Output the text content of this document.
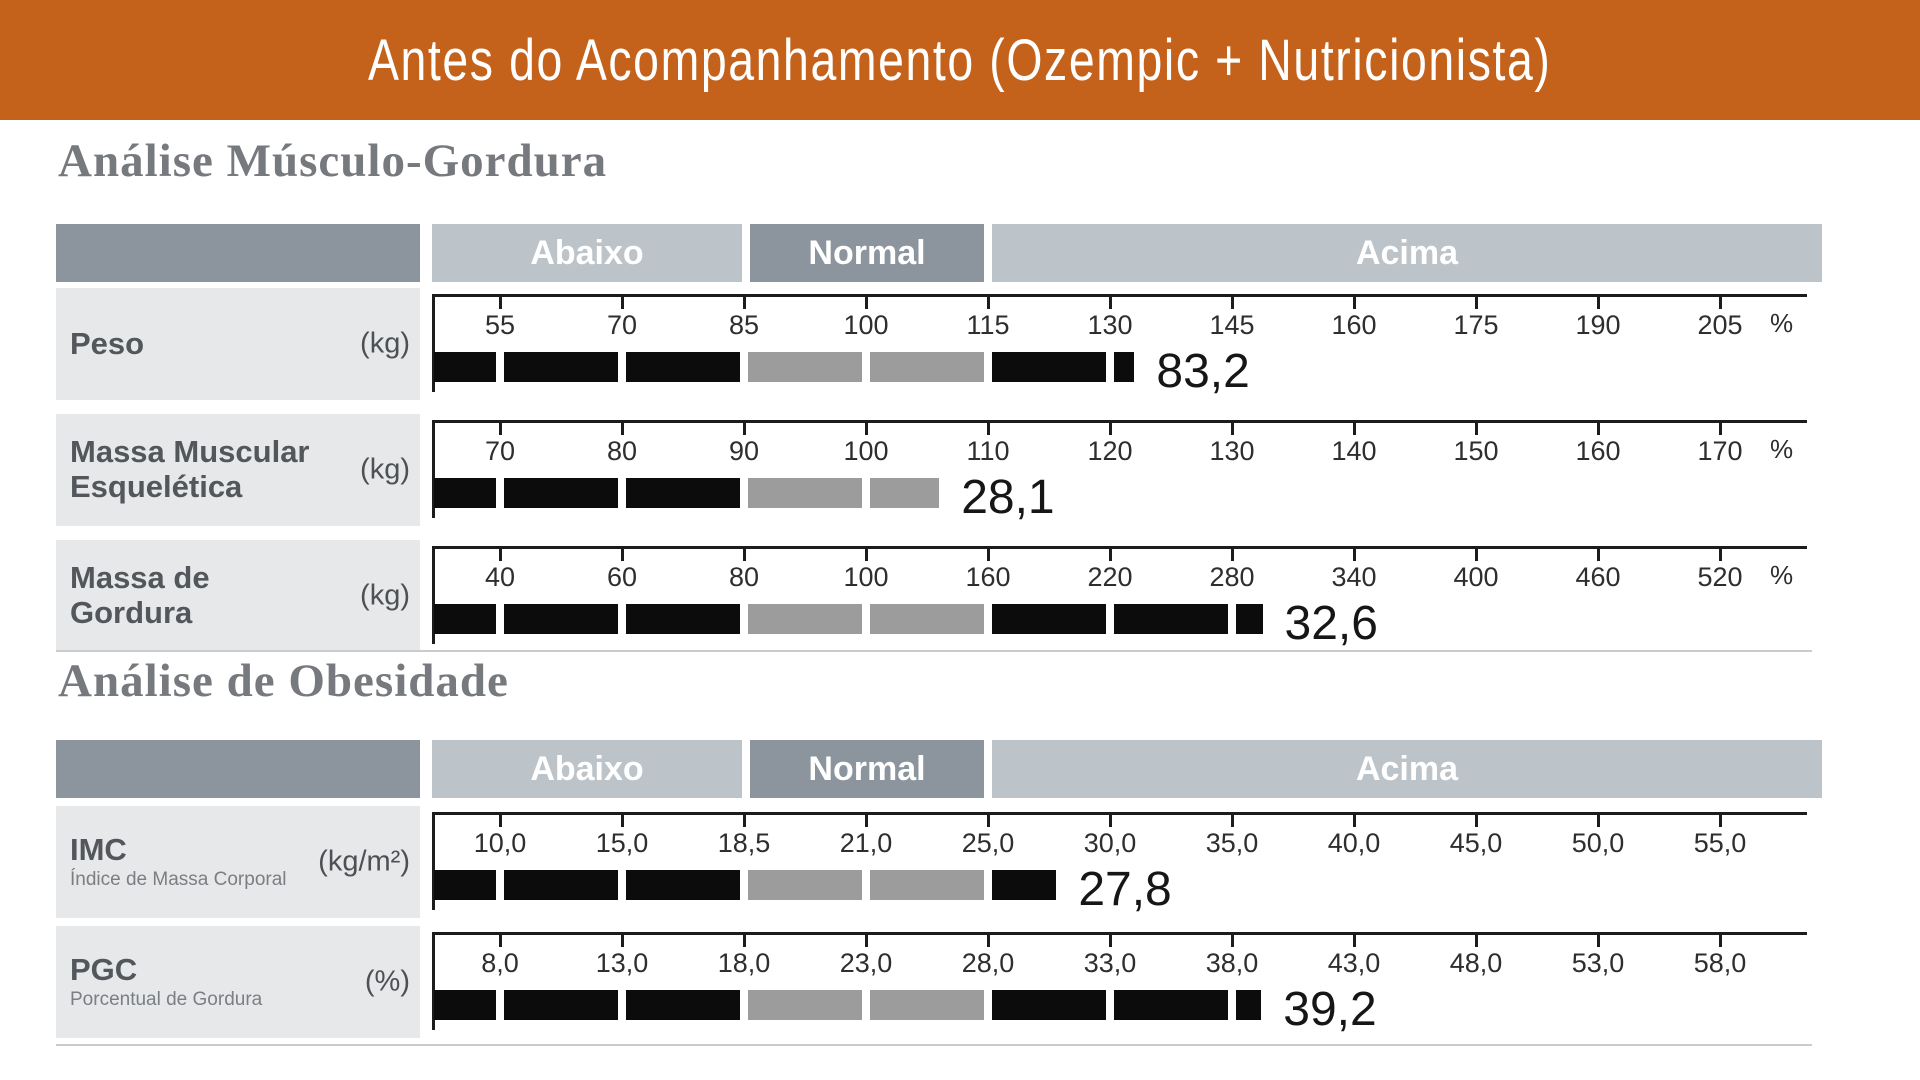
Antes do Acompanhamento (Ozempic + Nutricionista)
Análise Músculo-Gordura
Abaixo	Normal	Acima
Peso	(kg)
55	70	85	100	115	130	145	160	175	190	205 %
83,2
Massa Muscular Esquelética	(kg)
70	80	90	100	110	120	130	140	150	160	170 %
28,1
Massa de Gordura	(kg)
40	60	80	100	160	220	280	340	400	460	520 %
32,6
Análise de Obesidade
Abaixo	Normal	Acima
IMC
Índice de Massa Corporal
(kg/m²)
10,0	15,0	18,5	21,0	25,0	30,0	35,0	40,0	45,0	50,0	55,0
27,8
PGC
Porcentual de Gordura
(%)
8,0	13,0	18,0	23,0	28,0	33,0	38,0	43,0	48,0	53,0	58,0
39,2
